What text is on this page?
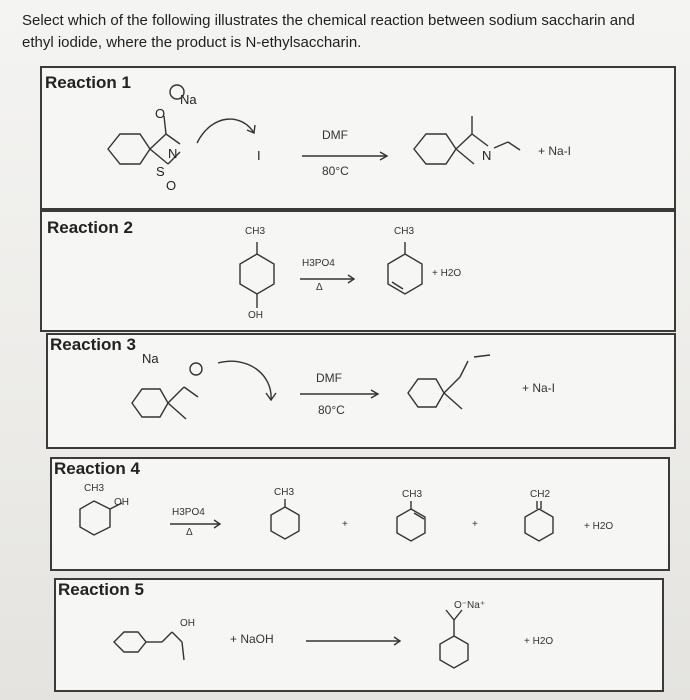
Select which of the following illustrates the chemical reaction between sodium saccharin and ethyl iodide, where the product is N-ethylsaccharin.
Reaction 1
Na
O
N
S
O
I
DMF
80°C
N	+ Na-I
Reaction 2	CH3
OH
H3PO4
Δ
CH3
+ H2O
Reaction 3
Na
DMF
80°C
+ Na-I
Reaction 4
CH3
OH
H3PO4
Δ
CH3
+
CH3
+
CH2
+ H2O
Reaction 5
OH
+ NaOH
O⁻Na⁺
+ H2O
